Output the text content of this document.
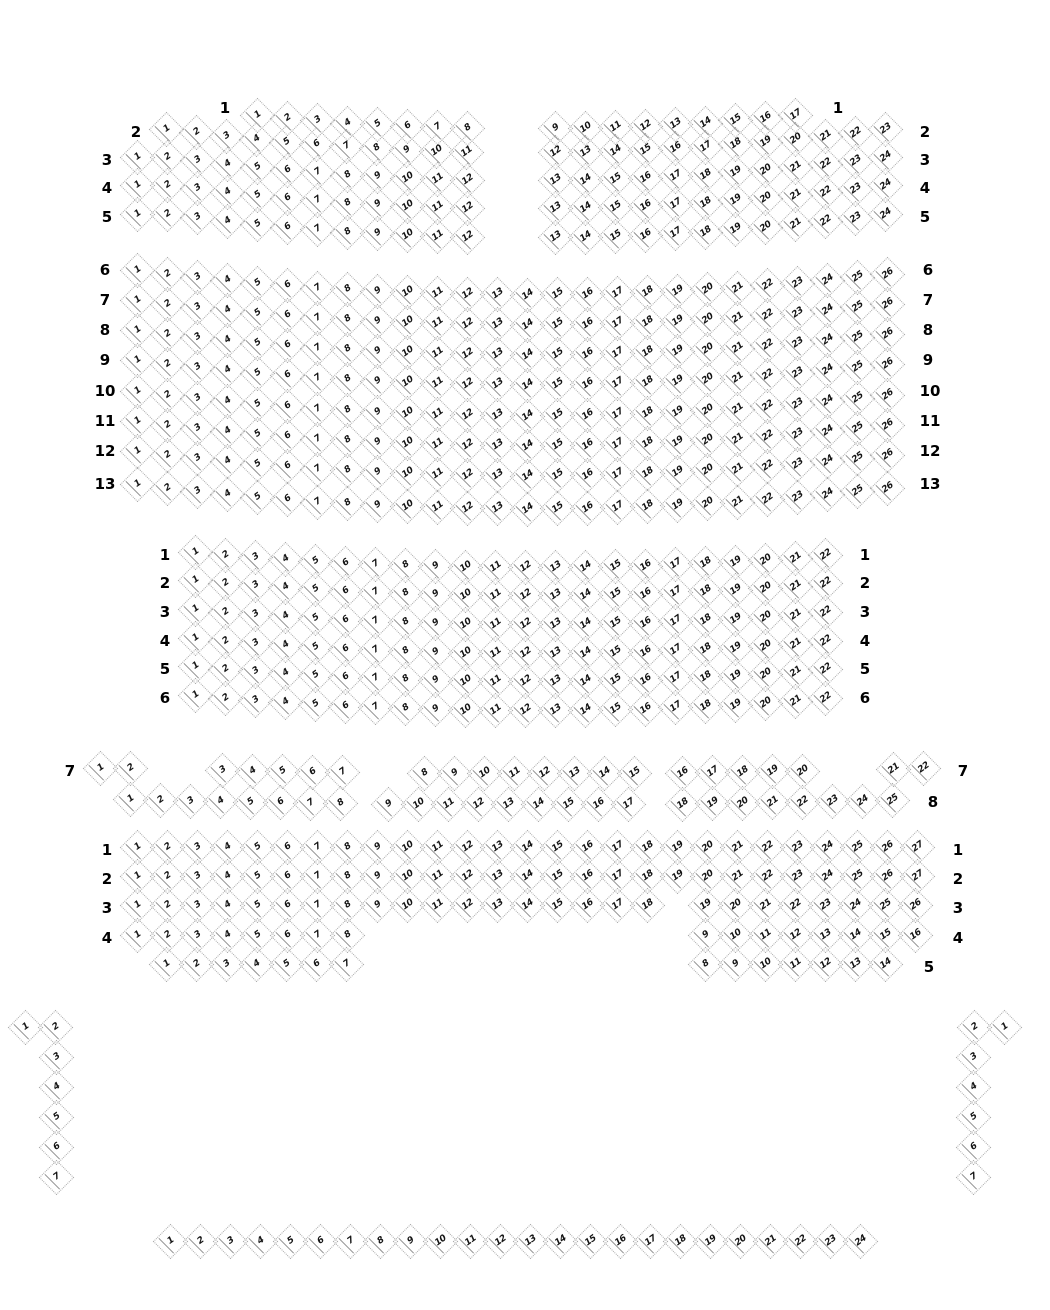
1	1
1	2	3	4	5	6	7	8	9	10	11	12	13	14	15	16	17
2	2
1	2	3	4	5	6	7	8	9	10	11	12	13	14	15	16	17	18	19	20	21	22	23
3	3
1	2	3	4	5	6	7	8	9	10	11	12	13	14	15	16	17	18	19	20	21	22	23	24
4	4
1	2	3	4	5	6	7	8	9	10	11	12	13	14	15	16	17	18	19	20	21	22	23	24
5	5
1	2	3	4	5	6	7	8	9	10	11	12	13	14	15	16	17	18	19	20	21	22	23	24
6	6
1	2	3	4	5	6	7	8	9	10	11	12	13	14	15	16	17	18	19	20	21	22	23	24	25	26
7	7
1	2	3	4	5	6	7	8	9	10	11	12	13	14	15	16	17	18	19	20	21	22	23	24	25	26
8	8
1	2	3	4	5	6	7	8	9	10	11	12	13	14	15	16	17	18	19	20	21	22	23	24	25	26
9	9
1	2	3	4	5	6	7	8	9	10	11	12	13	14	15	16	17	18	19	20	21	22	23	24	25	26
10	10
1	2	3	4	5	6	7	8	9	10	11	12	13	14	15	16	17	18	19	20	21	22	23	24	25	26
11	11
1	2	3	4	5	6	7	8	9	10	11	12	13	14	15	16	17	18	19	20	21	22	23	24	25	26
12	12
1	2	3	4	5	6	7	8	9	10	11	12	13	14	15	16	17	18	19	20	21	22	23	24	25	26
13	13
1	2	3	4	5	6	7	8	9	10	11	12	13	14	15	16	17	18	19	20	21	22	23	24	25	26
1	1
1	2	3	4	5	6	7	8	9	10	11	12	13	14	15	16	17	18	19	20	21	22
2	2
1	2	3	4	5	6	7	8	9	10	11	12	13	14	15	16	17	18	19	20	21	22
3	3
1	2	3	4	5	6	7	8	9	10	11	12	13	14	15	16	17	18	19	20	21	22
4	4
1	2	3	4	5	6	7	8	9	10	11	12	13	14	15	16	17	18	19	20	21	22
5	5
1	2	3	4	5	6	7	8	9	10	11	12	13	14	15	16	17	18	19	20	21	22
6	6
1	2	3	4	5	6	7	8	9	10	11	12	13	14	15	16	17	18	19	20	21	22
7	7
1	2	3	4	5	6	7	8	9	10	11	12	13	14	15	16	17	18	19	20	21	22
8
1	2	3	4	5	6	7	8	9	10	11	12	13	14	15	16	17	18	19	20	21	22	23	24	25
1	1
1	2	3	4	5	6	7	8	9	10	11	12	13	14	15	16	17	18	19	20	21	22	23	24	25	26	27
2	2
1	2	3	4	5	6	7	8	9	10	11	12	13	14	15	16	17	18	19	20	21	22	23	24	25	26	27
3	3
1	2	3	4	5	6	7	8	9	10	11	12	13	14	15	16	17	18	19	20	21	22	23	24	25	26
4	4
1	2	3	4	5	6	7	8	9	10	11	12	13	14	15	16
5
1	2	3	4	5	6	7	8	9	10	11	12	13	14
1	2
3
4
5
6
7
2	1
3
4
5
6
7
1	2	3	4	5	6	7	8	9	10	11	12	13	14	15	16	17	18	19	20	21	22	23	24
